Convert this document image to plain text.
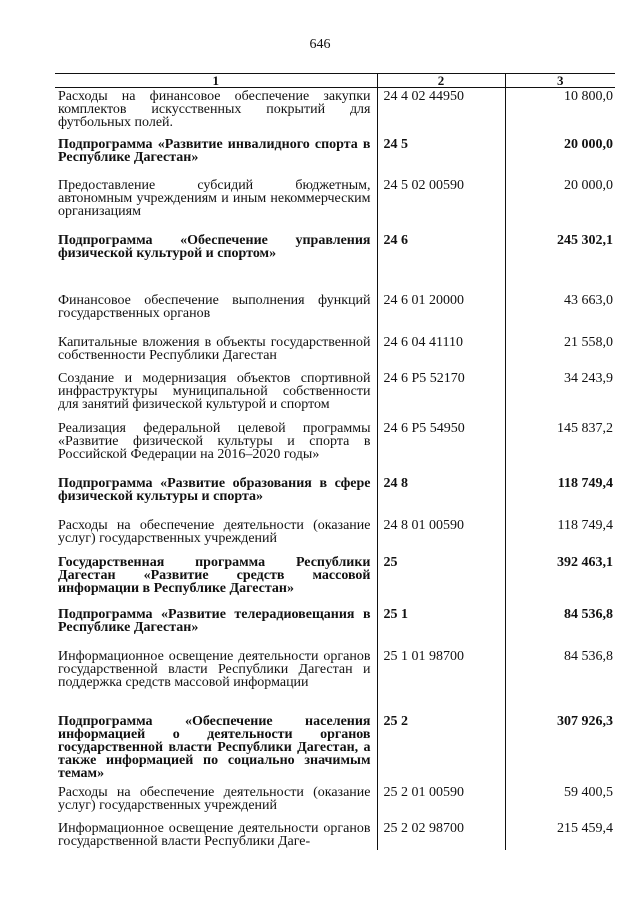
646
1	2	3
Расходы на финансовое обеспечение закупки комплектов искусственных покрытий для футбольных полей.	24 4 02 44950	10 800,0
Подпрограмма «Развитие инвалидного спорта в Республике Дагестан»	24 5	20 000,0
Предоставление субсидий бюджетным, автономным учреждениям и иным некоммерческим организациям	24 5 02 00590	20 000,0
Подпрограмма «Обеспечение управления физической культурой и спортом»	24 6	245 302,1
Финансовое обеспечение выполнения функций государственных органов	24 6 01 20000	43 663,0
Капитальные вложения в объекты государственной собственности Республики Дагестан	24 6 04 41110	21 558,0
Создание и модернизация объектов спортивной инфраструктуры муниципальной собственности для занятий физической культурой и спортом	24 6 P5 52170	34 243,9
Реализация федеральной целевой программы «Развитие физической культуры и спорта в Российской Федерации на 2016–2020 годы»	24 6 P5 54950	145 837,2
Подпрограмма «Развитие образования в сфере физической культуры и спорта»	24 8	118 749,4
Расходы на обеспечение деятельности (оказание услуг) государственных учреждений	24 8 01 00590	118 749,4
Государственная программа Республики Дагестан «Развитие средств массовой информации в Республике Дагестан»	25	392 463,1
Подпрограмма «Развитие телерадиовещания в Республике Дагестан»	25 1	84 536,8
Информационное освещение деятельности органов государственной власти Республики Дагестан и поддержка средств массовой информации	25 1 01 98700	84 536,8
Подпрограмма «Обеспечение населения информацией о деятельности органов государственной власти Республики Дагестан, а также информацией по социально значимым темам»	25 2	307 926,3
Расходы на обеспечение деятельности (оказание услуг) государственных учреждений	25 2 01 00590	59 400,5
Информационное освещение деятельности органов государственной власти Республики Даге-	25 2 02 98700	215 459,4
